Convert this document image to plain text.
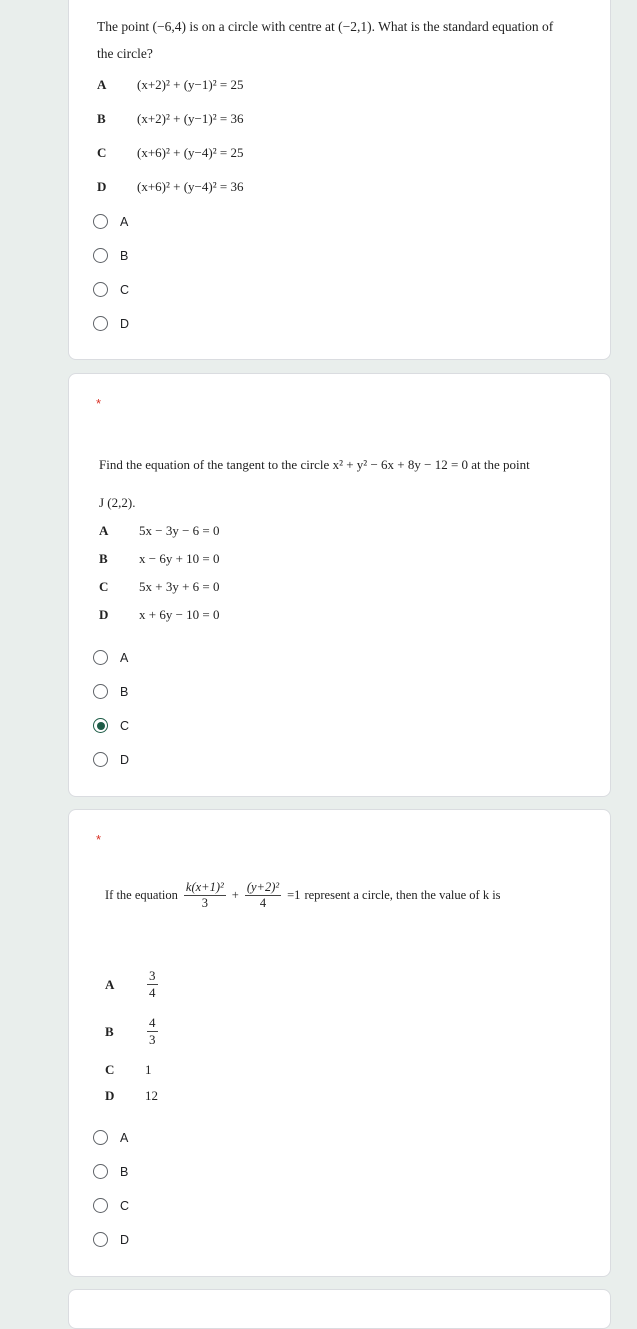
The point (−6,4) is on a circle with centre at (−2,1). What is the standard equation of
the circle?
A (x+2)² + (y−1)² = 25
B (x+2)² + (y−1)² = 36
C (x+6)² + (y−4)² = 25
D (x+6)² + (y−4)² = 36
A
B
C
D
*
Find the equation of the tangent to the circle x² + y² − 6x + 8y − 12 = 0 at the point
J (2,2).
A 5x − 3y − 6 = 0
B x − 6y + 10 = 0
C 5x + 3y + 6 = 0
D x + 6y − 10 = 0
A
B
C
D
*
If the equation $\frac{\text{k(x+1)²}}{3} + \frac{\text{(y+2)²}}{4} =1$ represent a circle, then the value of k is
A	$\frac{3}{4}$
B	$\frac{4}{3}$
C 1
D 12
A
B
C
D
